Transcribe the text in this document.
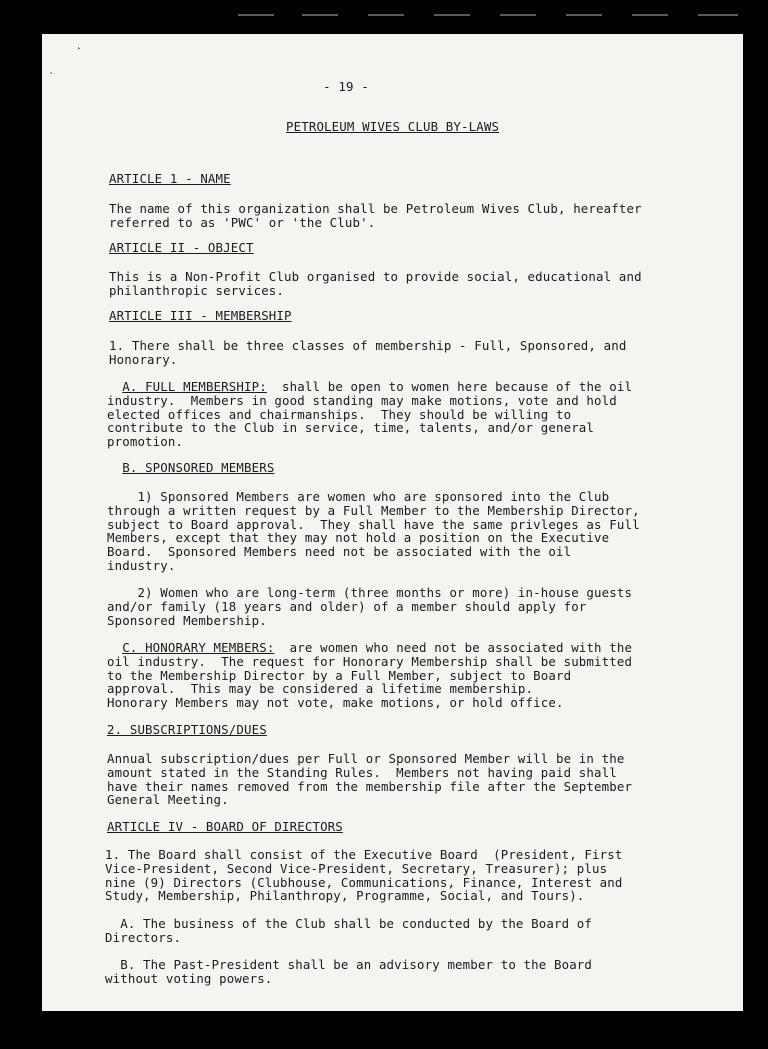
˛
ˎ
- 19 -
PETROLEUM WIVES CLUB BY-LAWS
ARTICLE 1 - NAME
The name of this organization shall be Petroleum Wives Club, hereafter
referred to as 'PWC' or 'the Club'.
ARTICLE II - OBJECT
This is a Non-Profit Club organised to provide social, educational and
philanthropic services.
ARTICLE III - MEMBERSHIP
1. There shall be three classes of membership - Full, Sponsored, and
Honorary.
A. FULL MEMBERSHIP:  shall be open to women here because of the oil
industry.  Members in good standing may make motions, vote and hold
elected offices and chairmanships.  They should be willing to
contribute to the Club in service, time, talents, and/or general
promotion.
B. SPONSORED MEMBERS
1) Sponsored Members are women who are sponsored into the Club
through a written request by a Full Member to the Membership Director,
subject to Board approval.  They shall have the same privleges as Full
Members, except that they may not hold a position on the Executive
Board.  Sponsored Members need not be associated with the oil
industry.
2) Women who are long-term (three months or more) in-house guests
and/or family (18 years and older) of a member should apply for
Sponsored Membership.
C. HONORARY MEMBERS:  are women who need not be associated with the
oil industry.  The request for Honorary Membership shall be submitted
to the Membership Director by a Full Member, subject to Board
approval.  This may be considered a lifetime membership.
Honorary Members may not vote, make motions, or hold office.
2. SUBSCRIPTIONS/DUES
Annual subscription/dues per Full or Sponsored Member will be in the
amount stated in the Standing Rules.  Members not having paid shall
have their names removed from the membership file after the September
General Meeting.
ARTICLE IV - BOARD OF DIRECTORS
1. The Board shall consist of the Executive Board  (President, First
Vice-President, Second Vice-President, Secretary, Treasurer); plus
nine (9) Directors (Clubhouse, Communications, Finance, Interest and
Study, Membership, Philanthropy, Programme, Social, and Tours).
A. The business of the Club shall be conducted by the Board of
Directors.
B. The Past-President shall be an advisory member to the Board
without voting powers.
